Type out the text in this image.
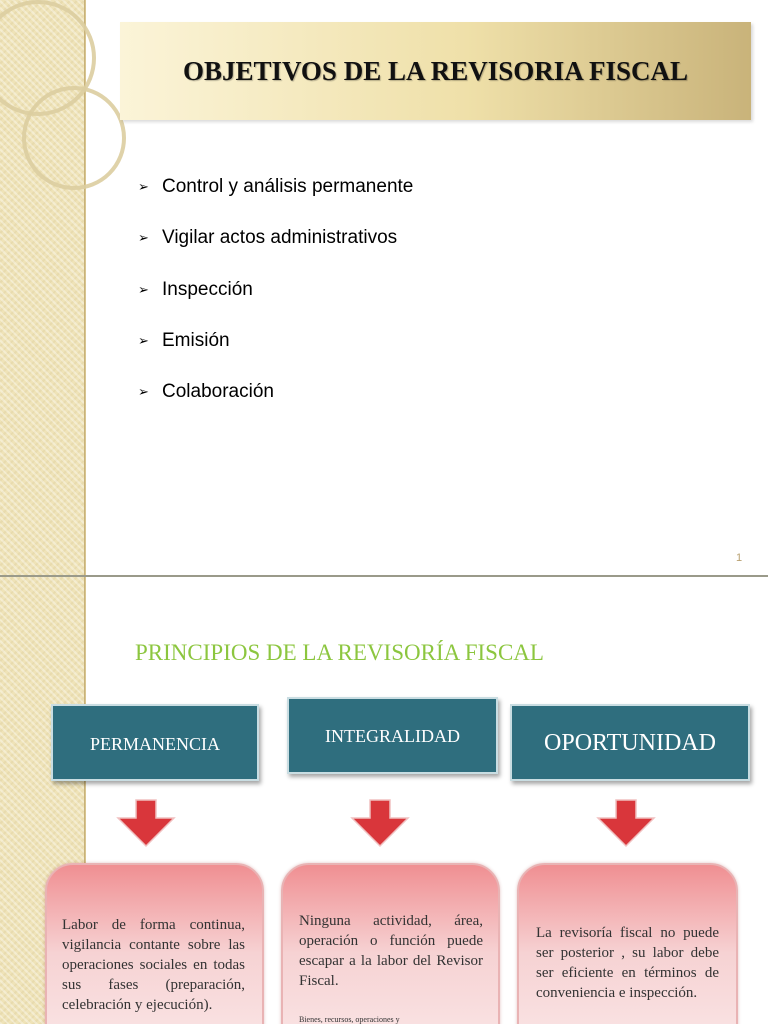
OBJETIVOS DE LA REVISORIA FISCAL
➢ Control y análisis permanente
➢ Vigilar actos administrativos
➢ Inspección
➢ Emisión
➢ Colaboración
1
PRINCIPIOS DE LA REVISORÍA FISCAL
PERMANENCIA	INTEGRALIDAD	OPORTUNIDAD

Labor de forma continua, vigilancia contante sobre las operaciones sociales en todas sus fases (preparación, celebración y ejecución).

Ninguna actividad, área, operación o función puede escapar a la labor del Revisor Fiscal.

Bienes, recursos, operaciones y

La revisoría fiscal no puede ser posterior , su labor debe ser eficiente en términos de conveniencia e inspección.
